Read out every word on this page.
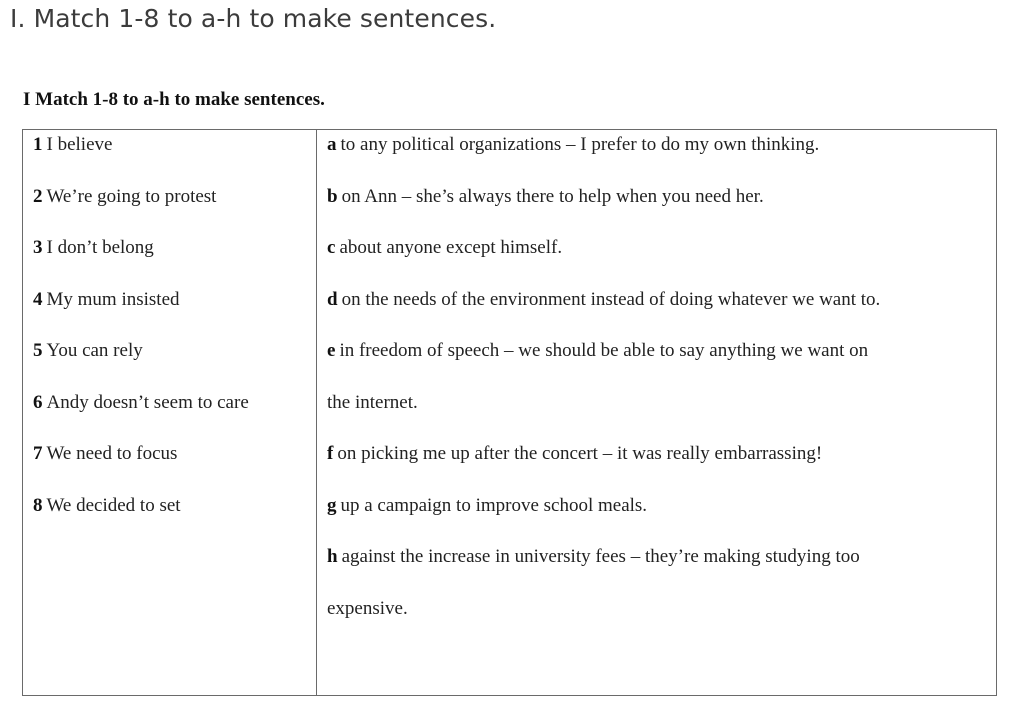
I. Match 1-8 to a-h to make sentences.
I Match 1-8 to a-h to make sentences.
1 I believe
2 We’re going to protest
3 I don’t belong
4 My mum insisted
5 You can rely
6 Andy doesn’t seem to care
7 We need to focus
8 We decided to set
a to any political organizations – I prefer to do my own thinking.
b on Ann – she’s always there to help when you need her.
c about anyone except himself.
d on the needs of the environment instead of doing whatever we want to.
e in freedom of speech – we should be able to say anything we want on
the internet.
f on picking me up after the concert – it was really embarrassing!
g up a campaign to improve school meals.
h against the increase in university fees – they’re making studying too
expensive.
